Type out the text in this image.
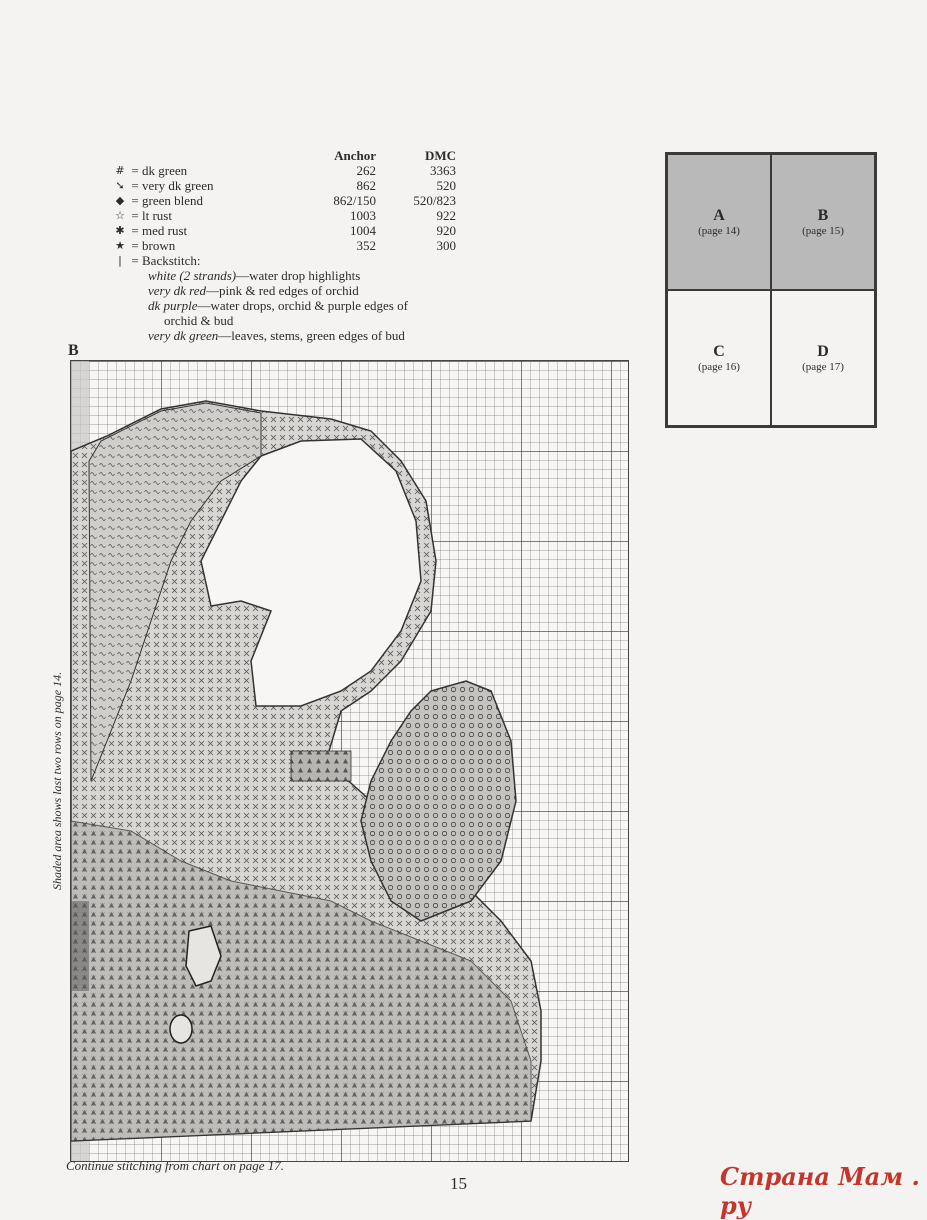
			Anchor	DMC
#	=	dk green	262	3363
➘	=	very dk green	862	520
◆	=	green blend	862/150	520/823
☆	=	lt rust	1003	922
✱	=	med rust	1004	920
★	=	brown	352	300
|	=	Backstitch:		
white (2 strands)—water drop highlights
very dk red—pink & red edges of orchid
dk purple—water drops, orchid & purple edges of
orchid & bud
very dk green—leaves, stems, green edges of bud
A
(page 14)
B
(page 15)
C
(page 16)
D
(page 17)
B
Shaded area shows last two rows on page 14.
Continue stitching from chart on page 17.
15	Страна Мам . ру
